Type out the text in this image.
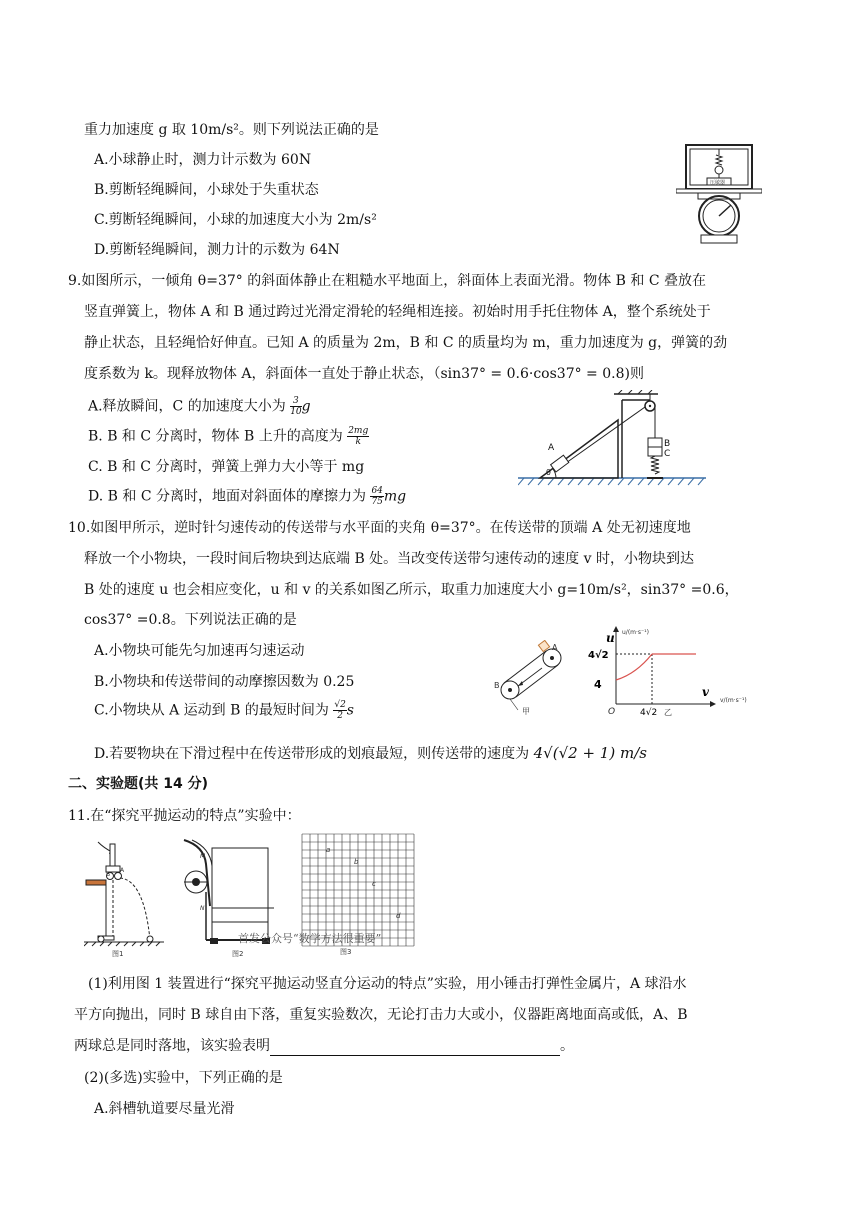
重力加速度 g 取 10m/s²。则下列说法正确的是
A.小球静止时，测力计示数为 60N
B.剪断轻绳瞬间，小球处于失重状态
C.剪断轻绳瞬间，小球的加速度大小为 2m/s²
D.剪断轻绳瞬间，测力计的示数为 64N
压敏器
9.如图所示，一倾角 θ=37° 的斜面体静止在粗糙水平地面上，斜面体上表面光滑。物体 B 和 C 叠放在
竖直弹簧上，物体 A 和 B 通过跨过光滑定滑轮的轻绳相连接。初始时用手托住物体 A，整个系统处于
静止状态，且轻绳恰好伸直。已知 A 的质量为 2m，B 和 C 的质量均为 m，重力加速度为 g，弹簧的劲
度系数为 k。现释放物体 A，斜面体一直处于静止状态，（sin37° = 0.6·cos37° = 0.8)则
A.释放瞬间，C 的加速度大小为 $\frac{3}{10}$ g
B. B 和 C 分离时，物体 B 上升的高度为 $\frac{2mg}{k}$
C. B 和 C 分离时，弹簧上弹力大小等于 mg
D. B 和 C 分离时，地面对斜面体的摩擦力为 $\frac{64}{75}$ mg
A	B
C
θ
10.如图甲所示，逆时针匀速传动的传送带与水平面的夹角 θ=37°。在传送带的顶端 A 处无初速度地
释放一个小物块，一段时间后物块到达底端 B 处。当改变传送带匀速传动的速度 v 时，小物块到达
B 处的速度 u 也会相应变化，u 和 v 的关系如图乙所示，取重力加速度大小 g=10m/s²，sin37° =0.6，
cos37° =0.8。下列说法正确的是
A.小物块可能先匀加速再匀速运动
B.小物块和传送带间的动摩擦因数为 0.25
C.小物块从 A 运动到 B 的最短时间为 $\frac{√2}{2}$ s
D.若要物块在下滑过程中在传送带形成的划痕最短，则传送带的速度为 4√(√2 + 1) m/s
A
B
甲
u u/(m·s⁻¹)
v
v/(m·s⁻¹)
4√2
4
O	4√2 乙
二、实验题(共 14 分)
11.在“探究平抛运动的特点”实验中：
B
A
图1
M
N
图2	图3
a
b
c
d
首发公众号“数学方法很重要”
(1)利用图 1 装置进行“探究平抛运动竖直分运动的特点”实验，用小锤击打弹性金属片，A 球沿水
平方向抛出，同时 B 球自由下落，重复实验数次，无论打击力大或小，仪器距离地面高或低，A、B
两球总是同时落地，该实验表明	。
(2)(多选)实验中，下列正确的是
A.斜槽轨道要尽量光滑
